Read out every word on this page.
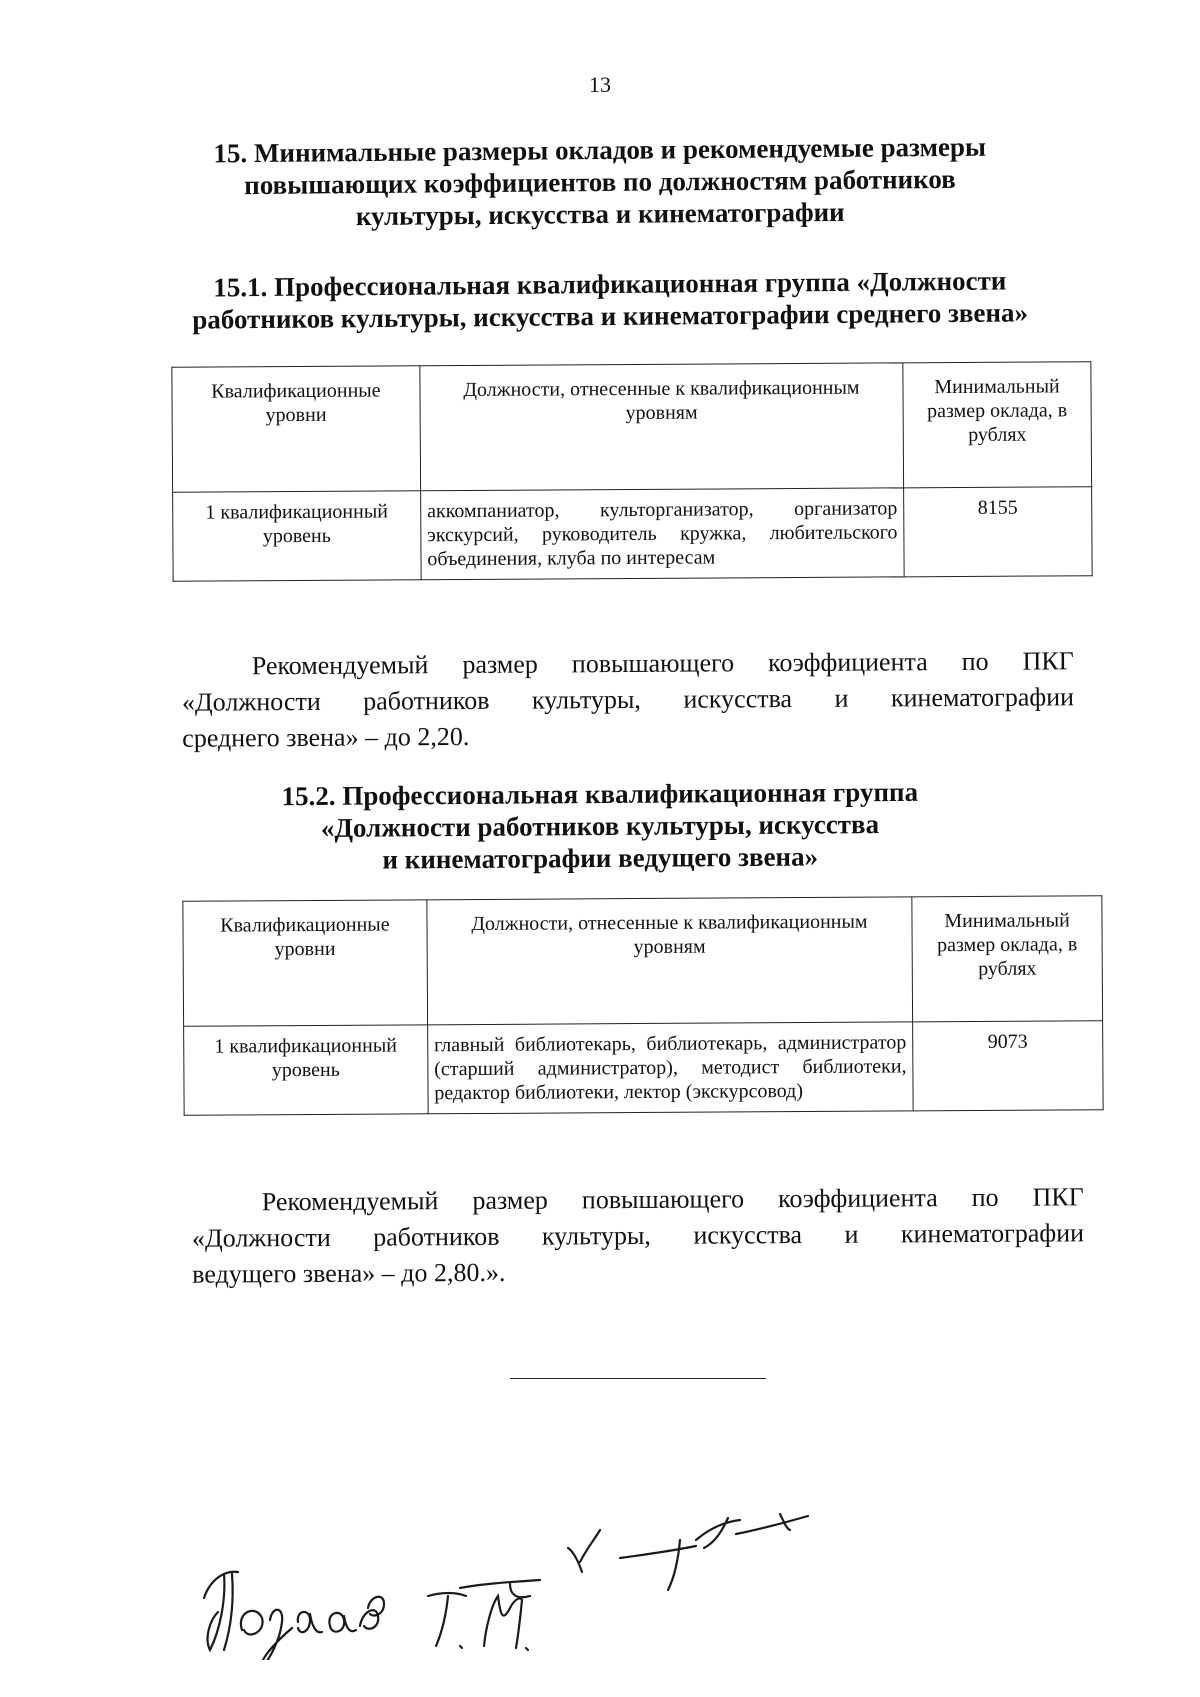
13
15. Минимальные размеры окладов и рекомендуемые размеры
повышающих коэффициентов по должностям работников
культуры, искусства и кинематографии
15.1. Профессиональная квалификационная группа «Должности
работников культуры, искусства и кинематографии среднего звена»
Квалификационные уровни	Должности, отнесенные к квалификационным уровням	Минимальный размер оклада, в рублях
1 квалификационный уровень	аккомпаниатор, культорганизатор, организатор экскурсий, руководитель кружка, любительского объединения, клуба по интересам	8155
Рекомендуемый размер повышающего коэффициента по ПКГ
«Должности работников культуры, искусства и кинематографии
среднего звена» – до 2,20.
15.2. Профессиональная квалификационная группа
«Должности работников культуры, искусства
и кинематографии ведущего звена»
Квалификационные уровни	Должности, отнесенные к квалификационным уровням	Минимальный размер оклада, в рублях
1 квалификационный уровень	главный библиотекарь, библиотекарь, администратор (старший администратор), методист библиотеки, редактор библиотеки, лектор (экскурсовод)	9073
Рекомендуемый размер повышающего коэффициента по ПКГ
«Должности работников культуры, искусства и кинематографии
ведущего звена» – до 2,80.».
